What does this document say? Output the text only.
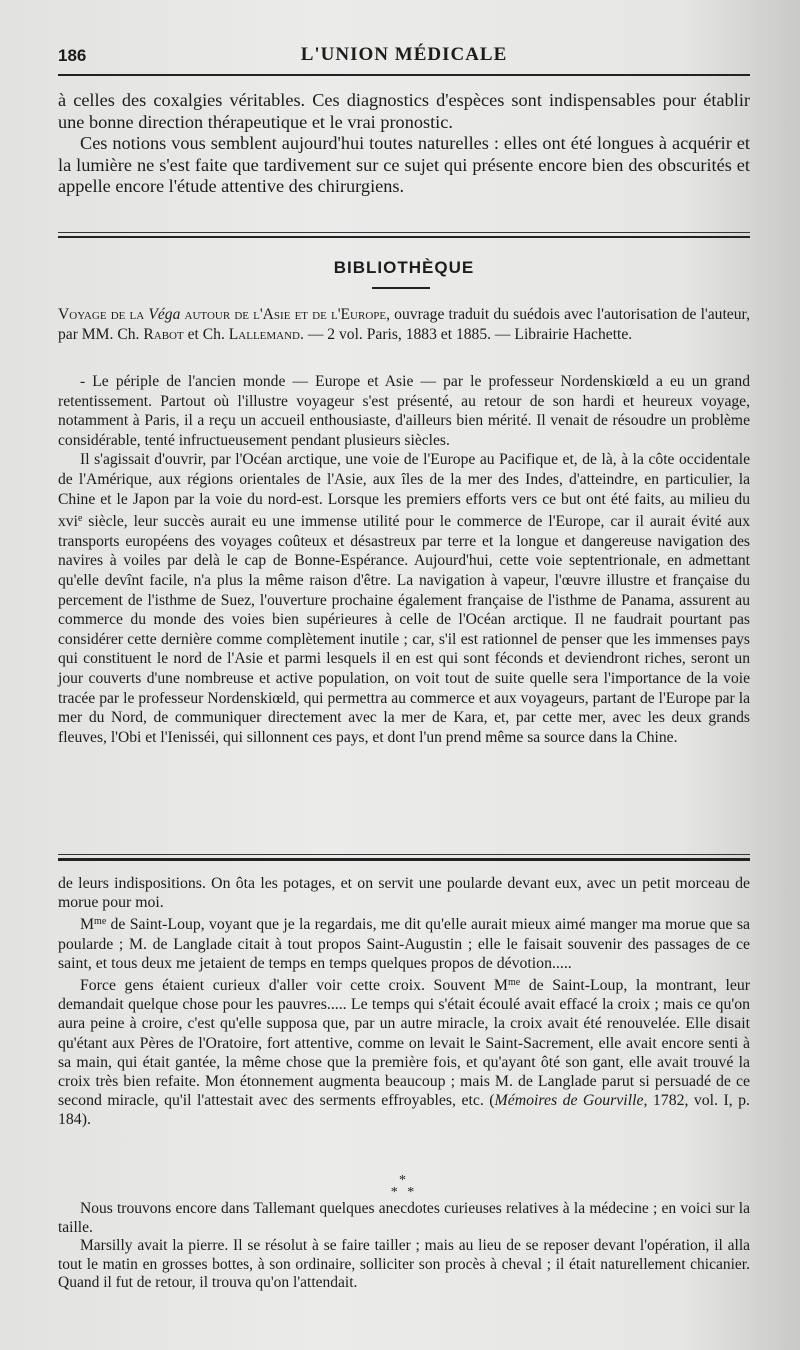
186	L'UNION MÉDICALE

à celles des coxalgies véritables. Ces diagnostics d'espèces sont indispensables pour établir une bonne direction thérapeutique et le vrai pronostic.

Ces notions vous semblent aujourd'hui toutes naturelles : elles ont été longues à acquérir et la lumière ne s'est faite que tardivement sur ce sujet qui présente encore bien des obscurités et appelle encore l'étude attentive des chirurgiens.

BIBLIOTHÈQUE

Voyage de la Véga autour de l'Asie et de l'Europe, ouvrage traduit du suédois avec l'autorisation de l'auteur, par MM. Ch. Rabot et Ch. Lallemand. — 2 vol. Paris, 1883 et 1885. — Librairie Hachette.

- Le périple de l'ancien monde — Europe et Asie — par le professeur Nordenskiœld a eu un grand retentissement. Partout où l'illustre voyageur s'est présenté, au retour de son hardi et heureux voyage, notamment à Paris, il a reçu un accueil enthousiaste, d'ailleurs bien mérité. Il venait de résoudre un problème considérable, tenté infructueusement pendant plusieurs siècles.

Il s'agissait d'ouvrir, par l'Océan arctique, une voie de l'Europe au Pacifique et, de là, à la côte occidentale de l'Amérique, aux régions orientales de l'Asie, aux îles de la mer des Indes, d'atteindre, en particulier, la Chine et le Japon par la voie du nord-est. Lorsque les premiers efforts vers ce but ont été faits, au milieu du xvi$^e$ siècle, leur succès aurait eu une immense utilité pour le commerce de l'Europe, car il aurait évité aux transports européens des voyages coûteux et désastreux par terre et la longue et dangereuse navigation des navires à voiles par delà le cap de Bonne-Espérance. Aujourd'hui, cette voie septentrionale, en admettant qu'elle devînt facile, n'a plus la même raison d'être. La navigation à vapeur, l'œuvre illustre et française du percement de l'isthme de Suez, l'ouverture prochaine également française de l'isthme de Panama, assurent au commerce du monde des voies bien supérieures à celle de l'Océan arctique. Il ne faudrait pourtant pas considérer cette dernière comme complètement inutile ; car, s'il est rationnel de penser que les immenses pays qui constituent le nord de l'Asie et parmi lesquels il en est qui sont féconds et deviendront riches, seront un jour couverts d'une nombreuse et active population, on voit tout de suite quelle sera l'importance de la voie tracée par le professeur Nordenskiœld, qui permettra au commerce et aux voyageurs, partant de l'Europe par la mer du Nord, de communiquer directement avec la mer de Kara, et, par cette mer, avec les deux grands fleuves, l'Obi et l'Ienisséi, qui sillonnent ces pays, et dont l'un prend même sa source dans la Chine.

de leurs indispositions. On ôta les potages, et on servit une poularde devant eux, avec un petit morceau de morue pour moi.

$M^{me}$ de Saint-Loup, voyant que je la regardais, me dit qu'elle aurait mieux aimé manger ma morue que sa poularde ; M. de Langlade citait à tout propos Saint-Augustin ; elle le faisait souvenir des passages de ce saint, et tous deux me jetaient de temps en temps quelques propos de dévotion.....

Force gens étaient curieux d'aller voir cette croix. Souvent $M^{me}$ de Saint-Loup, la montrant, leur demandait quelque chose pour les pauvres..... Le temps qui s'était écoulé avait effacé la croix ; mais ce qu'on aura peine à croire, c'est qu'elle supposa que, par un autre miracle, la croix avait été renouvelée. Elle disait qu'étant aux Pères de l'Oratoire, fort attentive, comme on levait le Saint-Sacrement, elle avait encore senti à sa main, qui était gantée, la même chose que la première fois, et qu'ayant ôté son gant, elle avait trouvé la croix très bien refaite. Mon étonnement augmenta beaucoup ; mais M. de Langlade parut si persuadé de ce second miracle, qu'il l'attestait avec des serments effroyables, etc. (Mémoires de Gourville, 1782, vol. I, p. 184).

*
* *

Nous trouvons encore dans Tallemant quelques anecdotes curieuses relatives à la médecine ; en voici sur la taille.

Marsilly avait la pierre. Il se résolut à se faire tailler ; mais au lieu de se reposer devant l'opération, il alla tout le matin en grosses bottes, à son ordinaire, solliciter son procès à cheval ; il était naturellement chicanier. Quand il fut de retour, il trouva qu'on l'attendait.
